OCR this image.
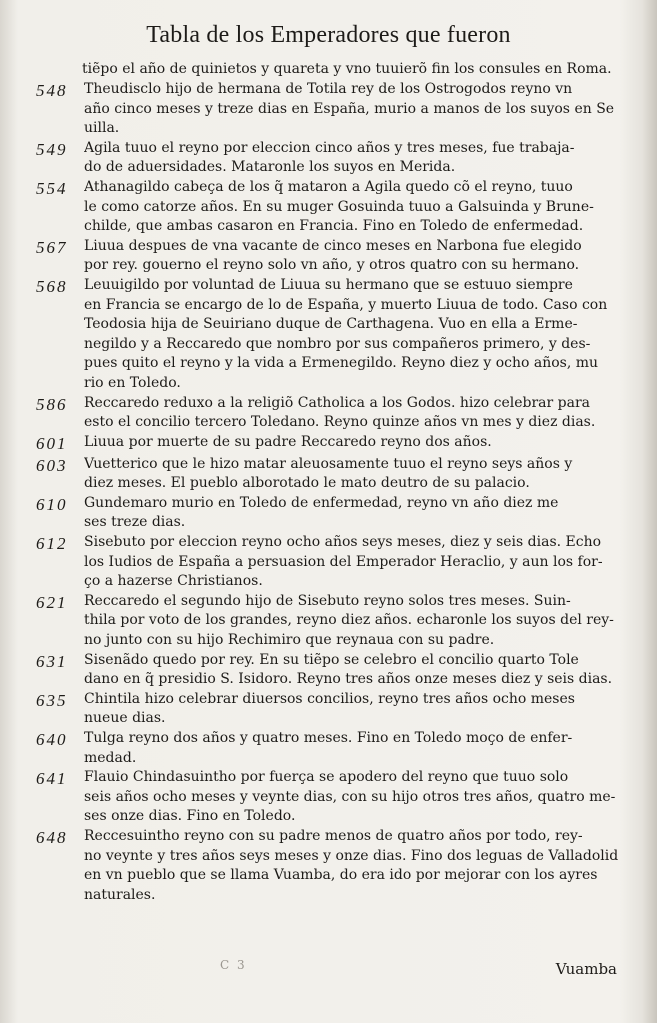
Tabla de los Emperadores que fueron
tiẽpo el año de quinietos y quareta y vno tuuierõ fin los consules en Roma.
548	Theudisclo hijo de hermana de Totila rey de los Ostrogodos reyno vn
año cinco meses y treze dias en España, murio a manos de los suyos en Se
uilla.
549	Agila tuuo el reyno por eleccion cinco años y tres meses, fue trabaja-
do de aduersidades. Mataronle los suyos en Merida.
554	Athanagildo cabeça de los q̃ mataron a Agila quedo cõ el reyno, tuuo
le como catorze años. En su muger Gosuinda tuuo a Galsuinda y Brune-
childe, que ambas casaron en Francia. Fino en Toledo de enfermedad.
567	Liuua despues de vna vacante de cinco meses en Narbona fue elegido
por rey. gouerno el reyno solo vn año, y otros quatro con su hermano.
568	Leuuigildo por voluntad de Liuua su hermano que se estuuo siempre
en Francia se encargo de lo de España, y muerto Liuua de todo. Caso con
Teodosia hija de Seuiriano duque de Carthagena. Vuo en ella a Erme-
negildo y a Reccaredo que nombro por sus compañeros primero, y des-
pues quito el reyno y la vida a Ermenegildo. Reyno diez y ocho años, mu
rio en Toledo.
586	Reccaredo reduxo a la religiõ Catholica a los Godos. hizo celebrar para
esto el concilio tercero Toledano. Reyno quinze años vn mes y diez dias.
601	Liuua por muerte de su padre Reccaredo reyno dos años.
603	Vuetterico que le hizo matar aleuosamente tuuo el reyno seys años y
diez meses. El pueblo alborotado le mato deutro de su palacio.
610	Gundemaro murio en Toledo de enfermedad, reyno vn año diez me
ses treze dias.
612	Sisebuto por eleccion reyno ocho años seys meses, diez y seis dias. Echo
los Iudios de España a persuasion del Emperador Heraclio, y aun los for-
ço a hazerse Christianos.
621	Reccaredo el segundo hijo de Sisebuto reyno solos tres meses. Suin-
thila por voto de los grandes, reyno diez años. echaronle los suyos del rey-
no junto con su hijo Rechimiro que reynaua con su padre.
631	Sisenãdo quedo por rey. En su tiẽpo se celebro el concilio quarto Tole
dano en q̃ presidio S. Isidoro. Reyno tres años onze meses diez y seis dias.
635	Chintila hizo celebrar diuersos concilios, reyno tres años ocho meses
nueue dias.
640	Tulga reyno dos años y quatro meses. Fino en Toledo moço de enfer-
medad.
641	Flauio Chindasuintho por fuerça se apodero del reyno que tuuo solo
seis años ocho meses y veynte dias, con su hijo otros tres años, quatro me-
ses onze dias. Fino en Toledo.
648	Reccesuintho reyno con su padre menos de quatro años por todo, rey-
no veynte y tres años seys meses y onze dias. Fino dos leguas de Valladolid
en vn pueblo que se llama Vuamba, do era ido por mejorar con los ayres
naturales.
C 3	Vuamba
